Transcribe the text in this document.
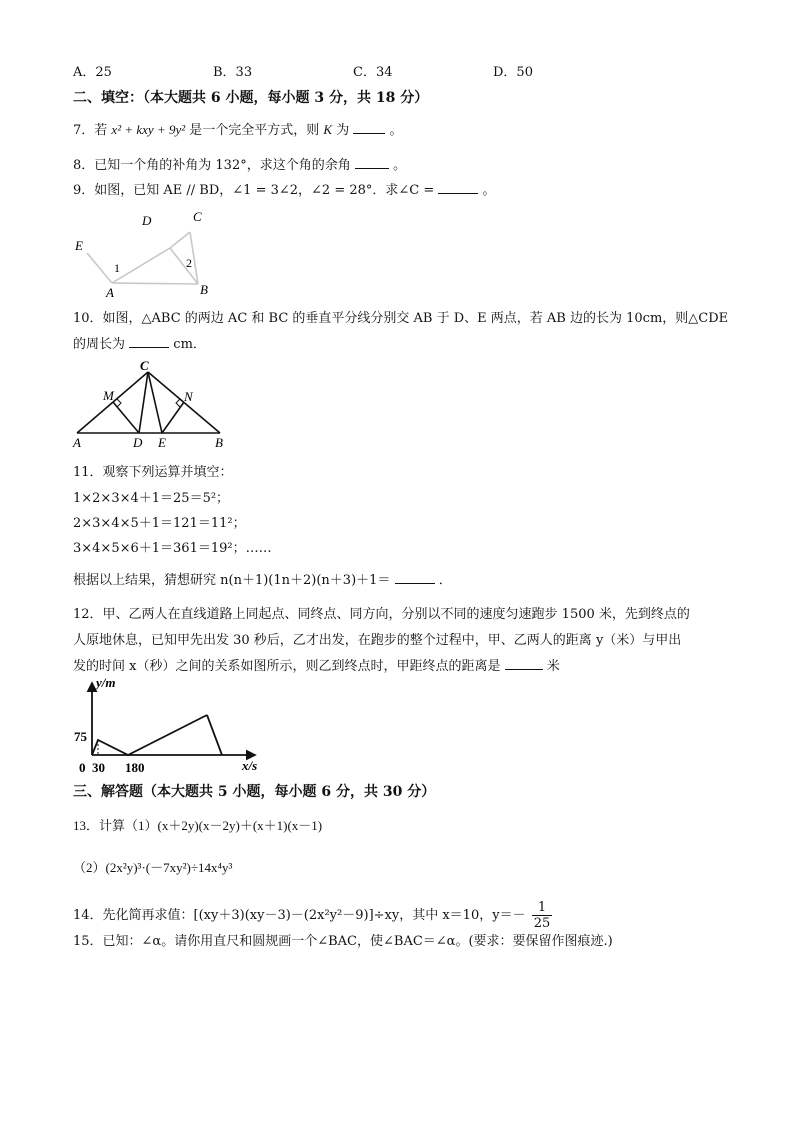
A．25	B．33	C．34	D．50
二、填空：（本大题共 6 小题，每小题 3 分，共 18 分）
7．若 x² + kxy + 9y² 是一个完全平方式，则 K 为	。
8．已知一个角的补角为 132°，求这个角的余角	。
9．如图，已知 AE // BD，∠1 = 3∠2，∠2 = 28°．求∠C =	。
D	C
E
1	2
A	B
10．如图，△ABC 的两边 AC 和 BC 的垂直平分线分别交 AB 于 D、E 两点，若 AB 边的长为 10cm，则△CDE
的周长为	cm．
C
M	N
A	D E	B
11．观察下列运算并填空：
1×2×3×4＋1＝25＝5²；
2×3×4×5＋1＝121＝11²；
3×4×5×6＋1＝361＝19²；……
根据以上结果，猜想研究 n(n＋1)(1n＋2)(n＋3)＋1＝	．
12．甲、乙两人在直线道路上同起点、同终点、同方向，分别以不同的速度匀速跑步 1500 米，先到终点的
人原地休息，已知甲先出发 30 秒后，乙才出发，在跑步的整个过程中，甲、乙两人的距离 y（米）与甲出
发的时间 x（秒）之间的关系如图所示，则乙到终点时，甲距终点的距离是	米
y/m
x/s
75
0 30 180
三、解答题（本大题共 5 小题，每小题 6 分，共 30 分）
13．计算（1）(x＋2y)(x－2y)＋(x＋1)(x－1)
（2）(2x²y)³·(－7xy²)÷14x⁴y³
14．先化简再求值：[(xy＋3)(xy－3)－(2x²y²－9)]÷xy，其中 x＝10，$y=- \frac{1}{25}$
15．已知：∠α。请你用直尺和圆规画一个∠BAC，使∠BAC＝∠α。(要求：要保留作图痕迹.)
